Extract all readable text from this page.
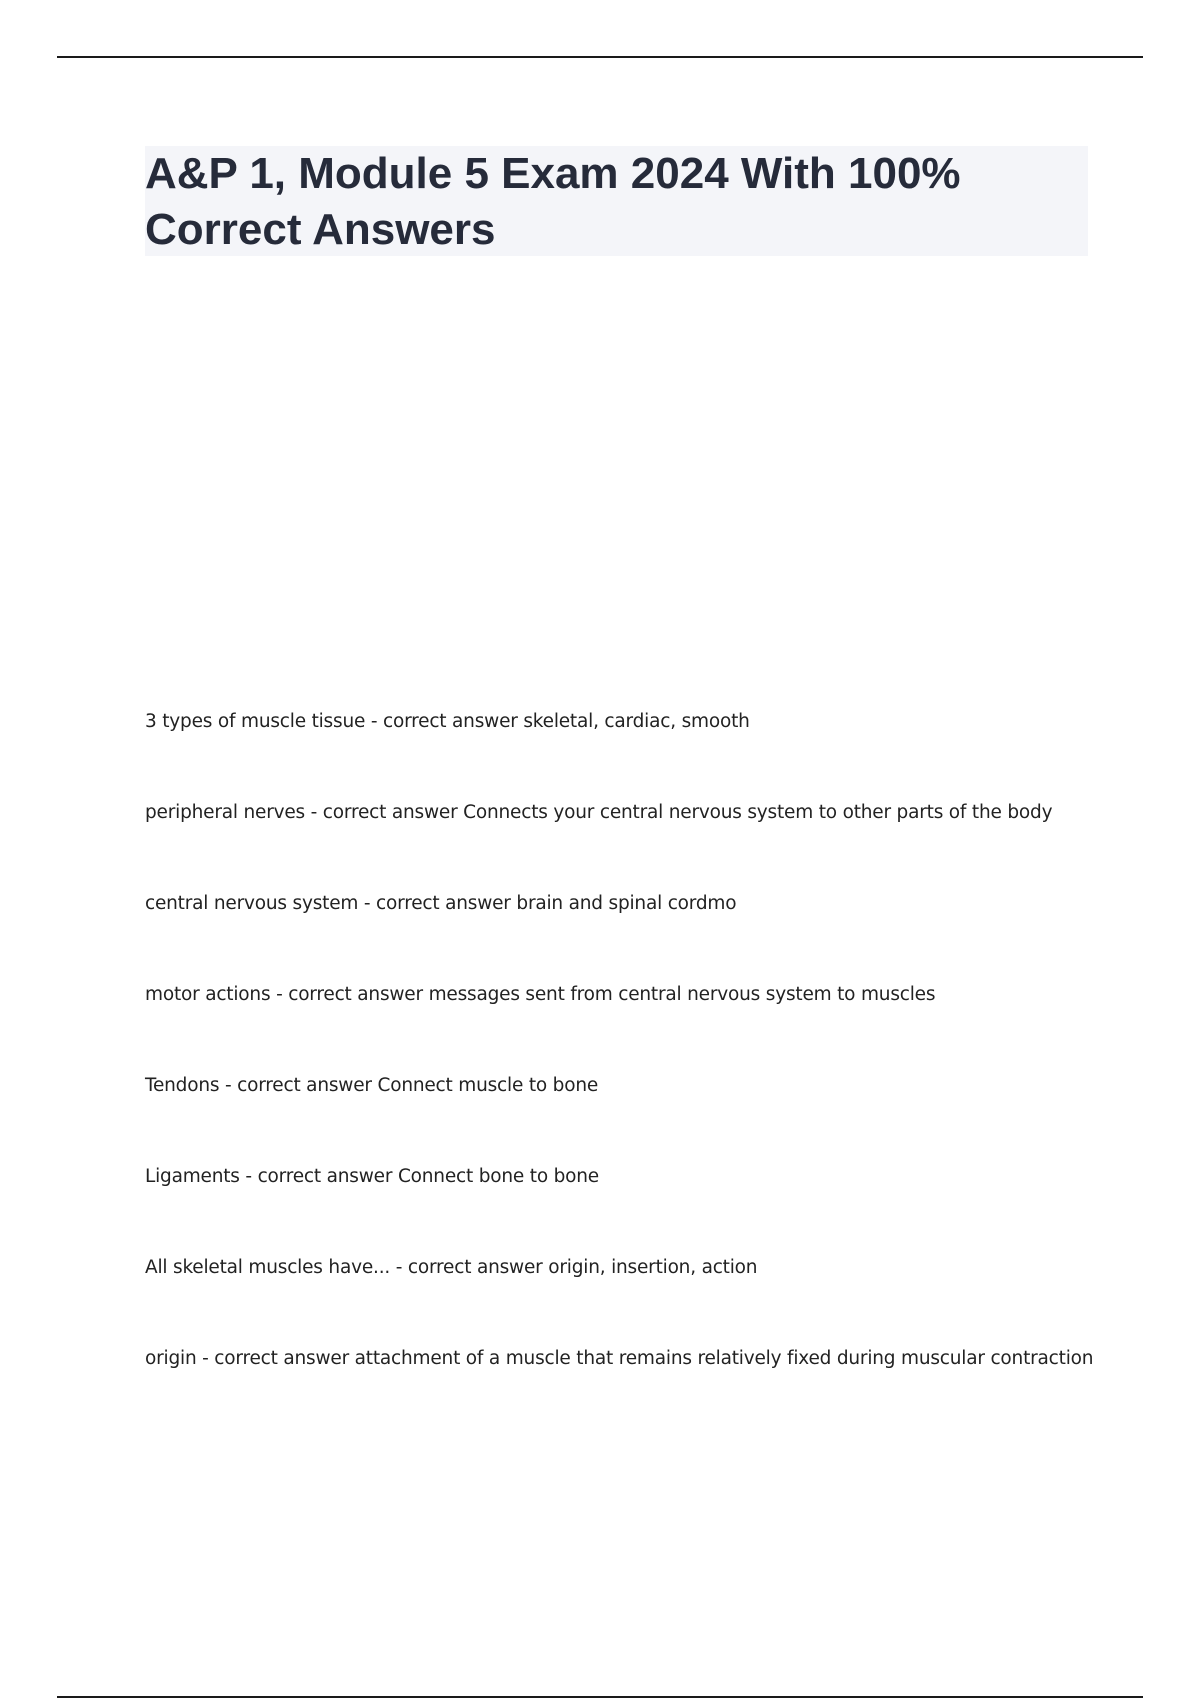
A&P 1, Module 5 Exam 2024 With 100% Correct Answers
3 types of muscle tissue - correct answer skeletal, cardiac, smooth
peripheral nerves - correct answer Connects your central nervous system to other parts of the body
central nervous system - correct answer brain and spinal cordmo
motor actions - correct answer messages sent from central nervous system to muscles
Tendons - correct answer Connect muscle to bone
Ligaments - correct answer Connect bone to bone
All skeletal muscles have... - correct answer origin, insertion, action
origin - correct answer attachment of a muscle that remains relatively fixed during muscular contraction
